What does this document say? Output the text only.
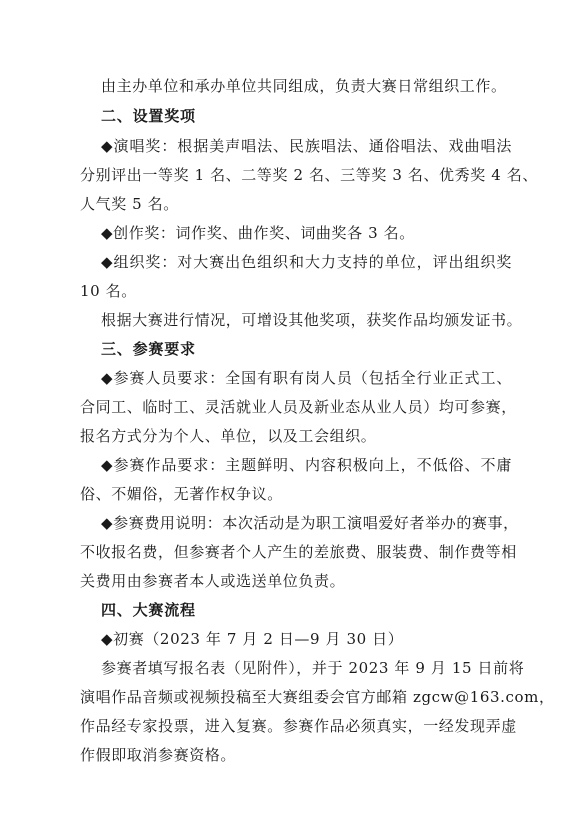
由主办单位和承办单位共同组成，负责大赛日常组织工作。
二、设置奖项
◆演唱奖：根据美声唱法、民族唱法、通俗唱法、戏曲唱法
分别评出一等奖 1 名、二等奖 2 名、三等奖 3 名、优秀奖 4 名、
人气奖 5 名。
◆创作奖：词作奖、曲作奖、词曲奖各 3 名。
◆组织奖：对大赛出色组织和大力支持的单位，评出组织奖
10 名。
根据大赛进行情况，可增设其他奖项，获奖作品均颁发证书。
三、参赛要求
◆参赛人员要求：全国有职有岗人员（包括全行业正式工、
合同工、临时工、灵活就业人员及新业态从业人员）均可参赛，
报名方式分为个人、单位，以及工会组织。
◆参赛作品要求：主题鲜明、内容积极向上，不低俗、不庸
俗、不媚俗，无著作权争议。
◆参赛费用说明：本次活动是为职工演唱爱好者举办的赛事，
不收报名费，但参赛者个人产生的差旅费、服装费、制作费等相
关费用由参赛者本人或选送单位负责。
四、大赛流程
◆初赛（2023 年 7 月 2 日—9 月 30 日）
参赛者填写报名表（见附件），并于 2023 年 9 月 15 日前将
演唱作品音频或视频投稿至大赛组委会官方邮箱 zgcw@163.com，
作品经专家投票，进入复赛。参赛作品必须真实，一经发现弄虚
作假即取消参赛资格。
